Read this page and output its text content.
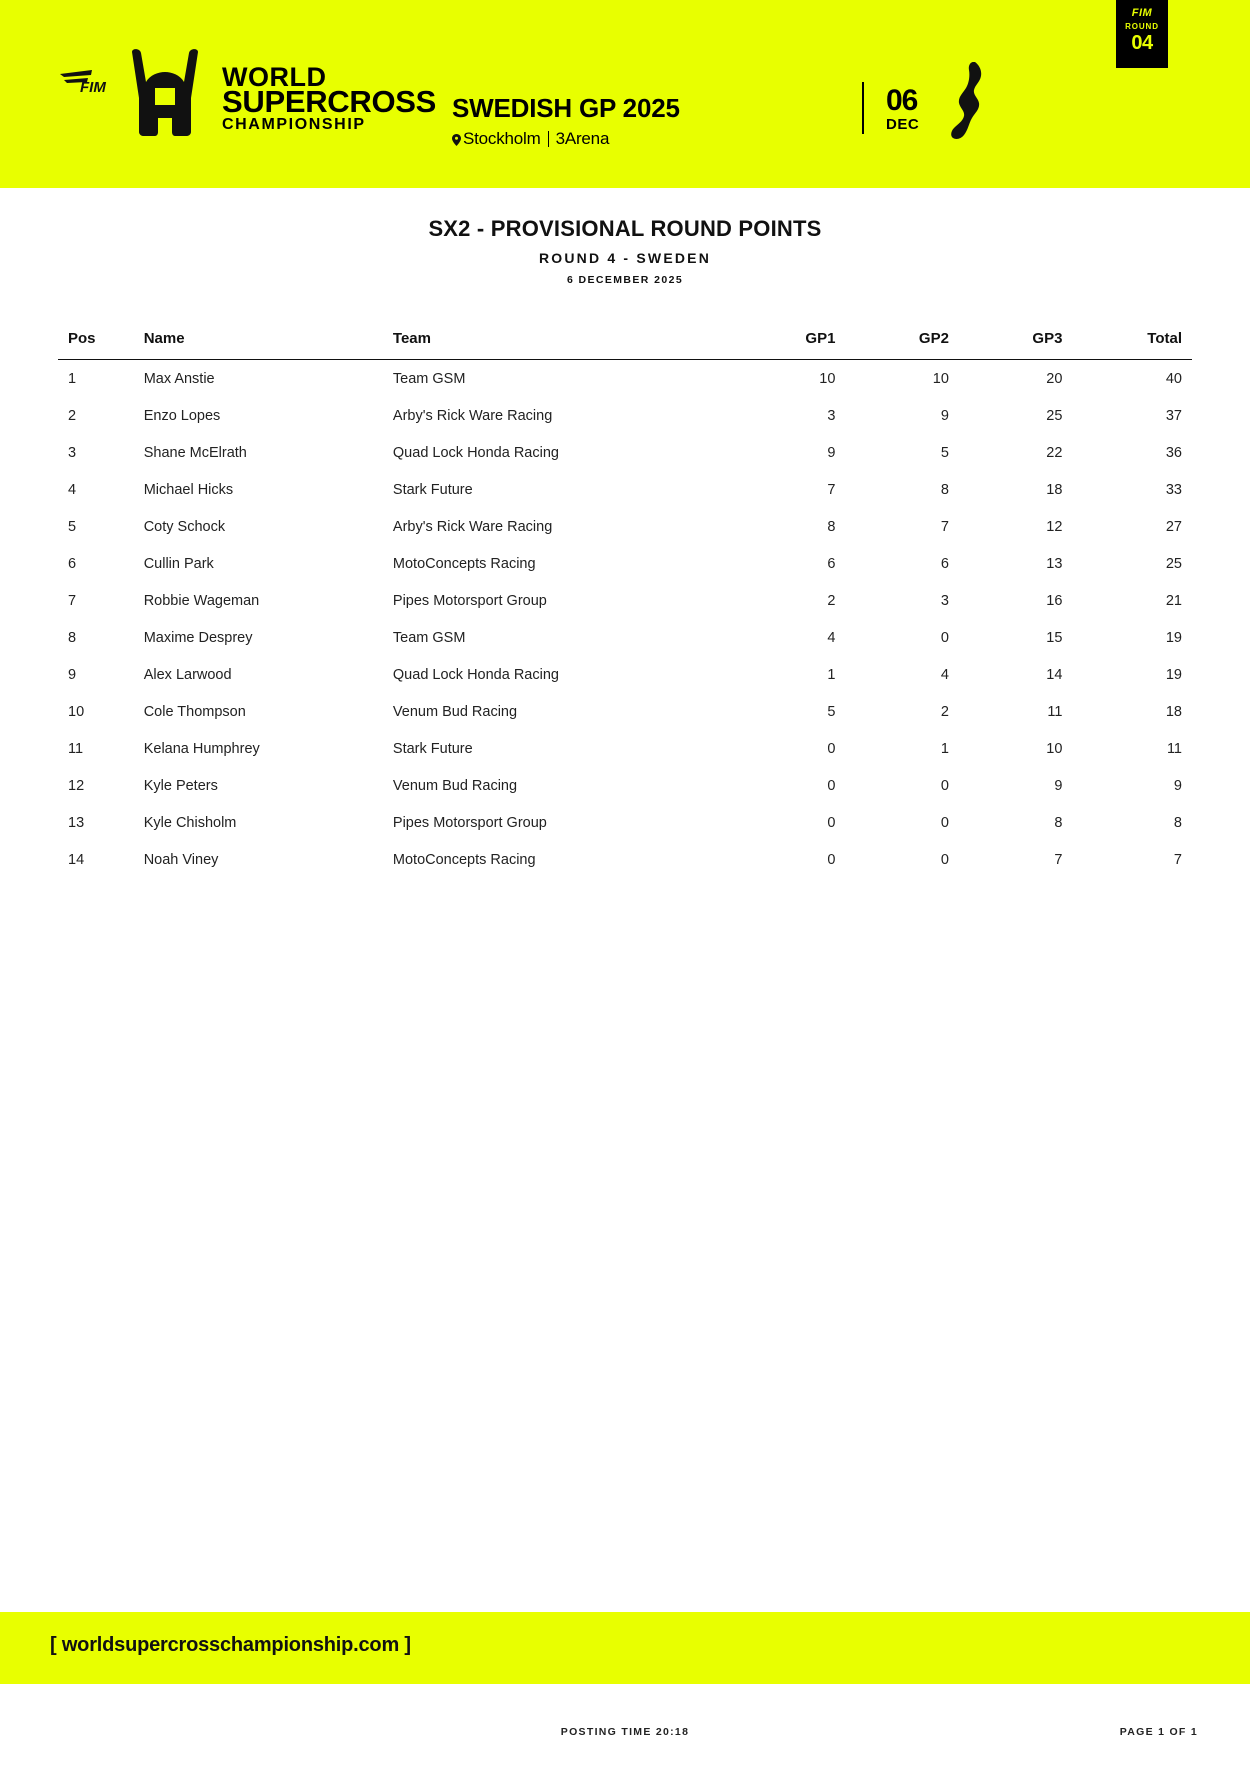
FIM	WORLD
SUPERCROSS
CHAMPIONSHIP
SWEDISH GP 2025
Stockholm 3Arena
06
DEC
FIM
ROUND
04
SX2 - PROVISIONAL ROUND POINTS
ROUND 4 - SWEDEN
6 DECEMBER 2025
Pos	Name	Team	GP1	GP2	GP3	Total
1	Max Anstie	Team GSM	10	10	20	40
2	Enzo Lopes	Arby's Rick Ware Racing	3	9	25	37
3	Shane McElrath	Quad Lock Honda Racing	9	5	22	36
4	Michael Hicks	Stark Future	7	8	18	33
5	Coty Schock	Arby's Rick Ware Racing	8	7	12	27
6	Cullin Park	MotoConcepts Racing	6	6	13	25
7	Robbie Wageman	Pipes Motorsport Group	2	3	16	21
8	Maxime Desprey	Team GSM	4	0	15	19
9	Alex Larwood	Quad Lock Honda Racing	1	4	14	19
10	Cole Thompson	Venum Bud Racing	5	2	11	18
11	Kelana Humphrey	Stark Future	0	1	10	11
12	Kyle Peters	Venum Bud Racing	0	0	9	9
13	Kyle Chisholm	Pipes Motorsport Group	0	0	8	8
14	Noah Viney	MotoConcepts Racing	0	0	7	7
[ worldsupercrosschampionship.com ]
POSTING TIME 20:18	PAGE 1 OF 1
